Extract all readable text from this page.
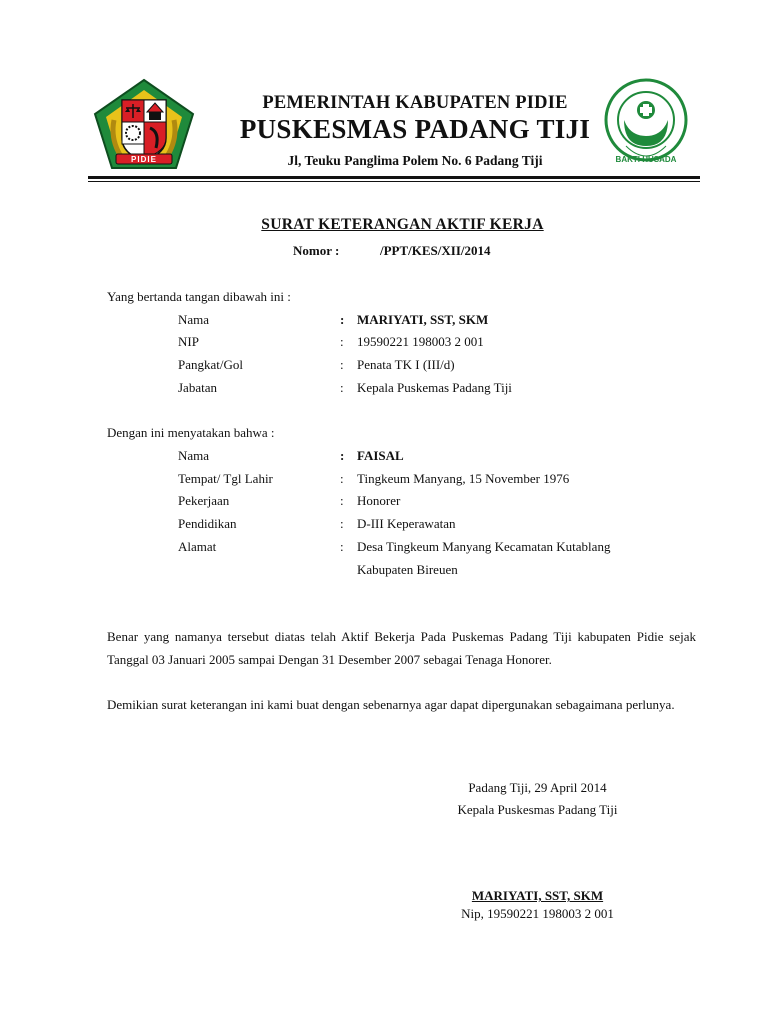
PIDIE
PEMERINTAH KABUPATEN PIDIE
PUSKESMAS PADANG TIJI
Jl, Teuku Panglima Polem No. 6 Padang Tiji	BAKTI HUSADA
SURAT KETERANGAN AKTIF KERJA
Nomor :	/PPT/KES/XII/2014
Yang bertanda tangan dibawah ini :
Nama	: MARIYATI, SST, SKM
NIP	: 19590221 198003 2 001
Pangkat/Gol	: Penata TK I (III/d)
Jabatan	: Kepala Puskemas Padang Tiji
Dengan ini menyatakan bahwa :
Nama	: FAISAL
Tempat/ Tgl Lahir	: Tingkeum Manyang, 15 November 1976
Pekerjaan	: Honorer
Pendidikan	: D-III Keperawatan
Alamat	: Desa Tingkeum Manyang Kecamatan Kutablang
Kabupaten Bireuen
Benar yang namanya tersebut diatas telah Aktif Bekerja Pada Puskemas Padang Tiji kabupaten Pidie sejak Tanggal 03 Januari 2005 sampai Dengan 31 Desember 2007 sebagai Tenaga Honorer.
Demikian surat keterangan ini kami buat dengan sebenarnya agar dapat dipergunakan sebagaimana perlunya.
Padang Tiji, 29 April 2014
Kepala Puskesmas Padang Tiji
MARIYATI, SST, SKM
Nip, 19590221 198003 2 001
